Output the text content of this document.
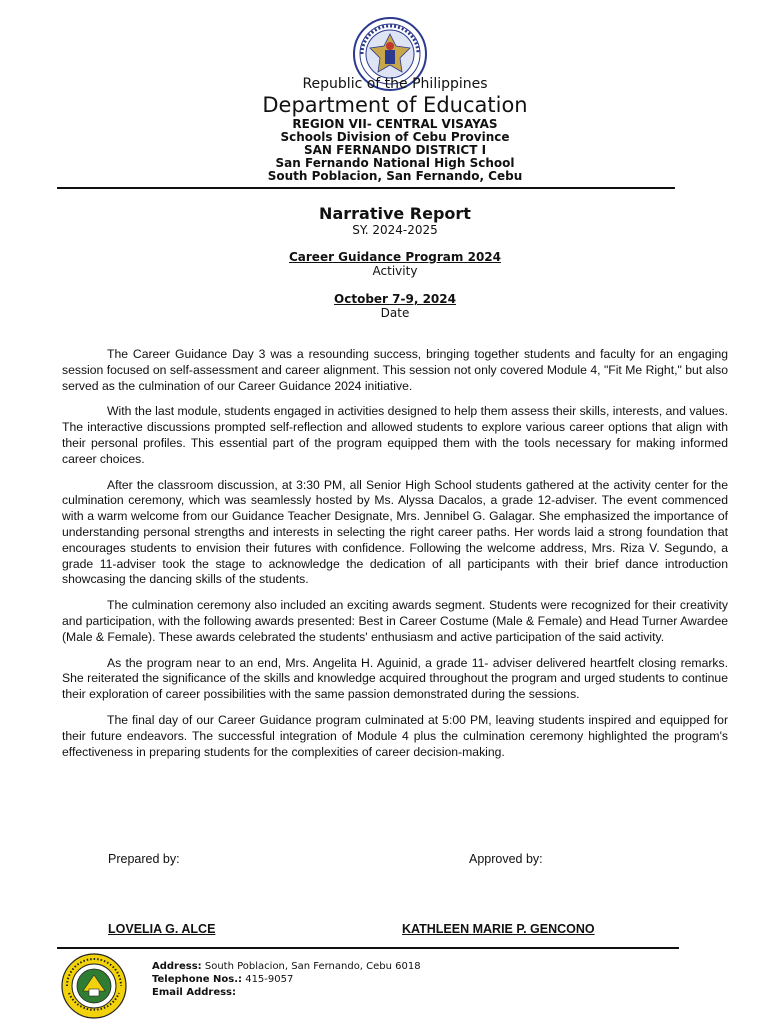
Republic of the Philippines
Department of Education
REGION VII- CENTRAL VISAYAS
Schools Division of Cebu Province
SAN FERNANDO DISTRICT I
San Fernando National High School
South Poblacion, San Fernando, Cebu
Narrative Report
SY. 2024-2025
Career Guidance Program 2024
Activity
October 7-9, 2024
Date

The Career Guidance Day 3 was a resounding success, bringing together students and faculty for an engaging session focused on self-assessment and career alignment. This session not only covered Module 4, "Fit Me Right," but also served as the culmination of our Career Guidance 2024 initiative.

With the last module, students engaged in activities designed to help them assess their skills, interests, and values. The interactive discussions prompted self-reflection and allowed students to explore various career options that align with their personal profiles. This essential part of the program equipped them with the tools necessary for making informed career choices.

After the classroom discussion, at 3:30 PM, all Senior High School students gathered at the activity center for the culmination ceremony, which was seamlessly hosted by Ms. Alyssa Dacalos, a grade 12-adviser. The event commenced with a warm welcome from our Guidance Teacher Designate, Mrs. Jennibel G. Galagar. She emphasized the importance of understanding personal strengths and interests in selecting the right career paths. Her words laid a strong foundation that encourages students to envision their futures with confidence. Following the welcome address, Mrs. Riza V. Segundo, a grade 11-adviser took the stage to acknowledge the dedication of all participants with their brief dance introduction showcasing the dancing skills of the students.

The culmination ceremony also included an exciting awards segment. Students were recognized for their creativity and participation, with the following awards presented: Best in Career Costume (Male & Female) and Head Turner Awardee (Male & Female). These awards celebrated the students' enthusiasm and active participation of the said activity.

As the program near to an end, Mrs. Angelita H. Aguinid, a grade 11- adviser delivered heartfelt closing remarks. She reiterated the significance of the skills and knowledge acquired throughout the program and urged students to continue their exploration of career possibilities with the same passion demonstrated during the sessions.

The final day of our Career Guidance program culminated at 5:00 PM, leaving students inspired and equipped for their future endeavors. The successful integration of Module 4 plus the culmination ceremony highlighted the program's effectiveness in preparing students for the complexities of career decision-making.

Prepared by:	Approved by:
LOVELIA G. ALCE	KATHLEEN MARIE P. GENCONO
Address: South Poblacion, San Fernando, Cebu 6018
Telephone Nos.: 415-9057
Email Address:
